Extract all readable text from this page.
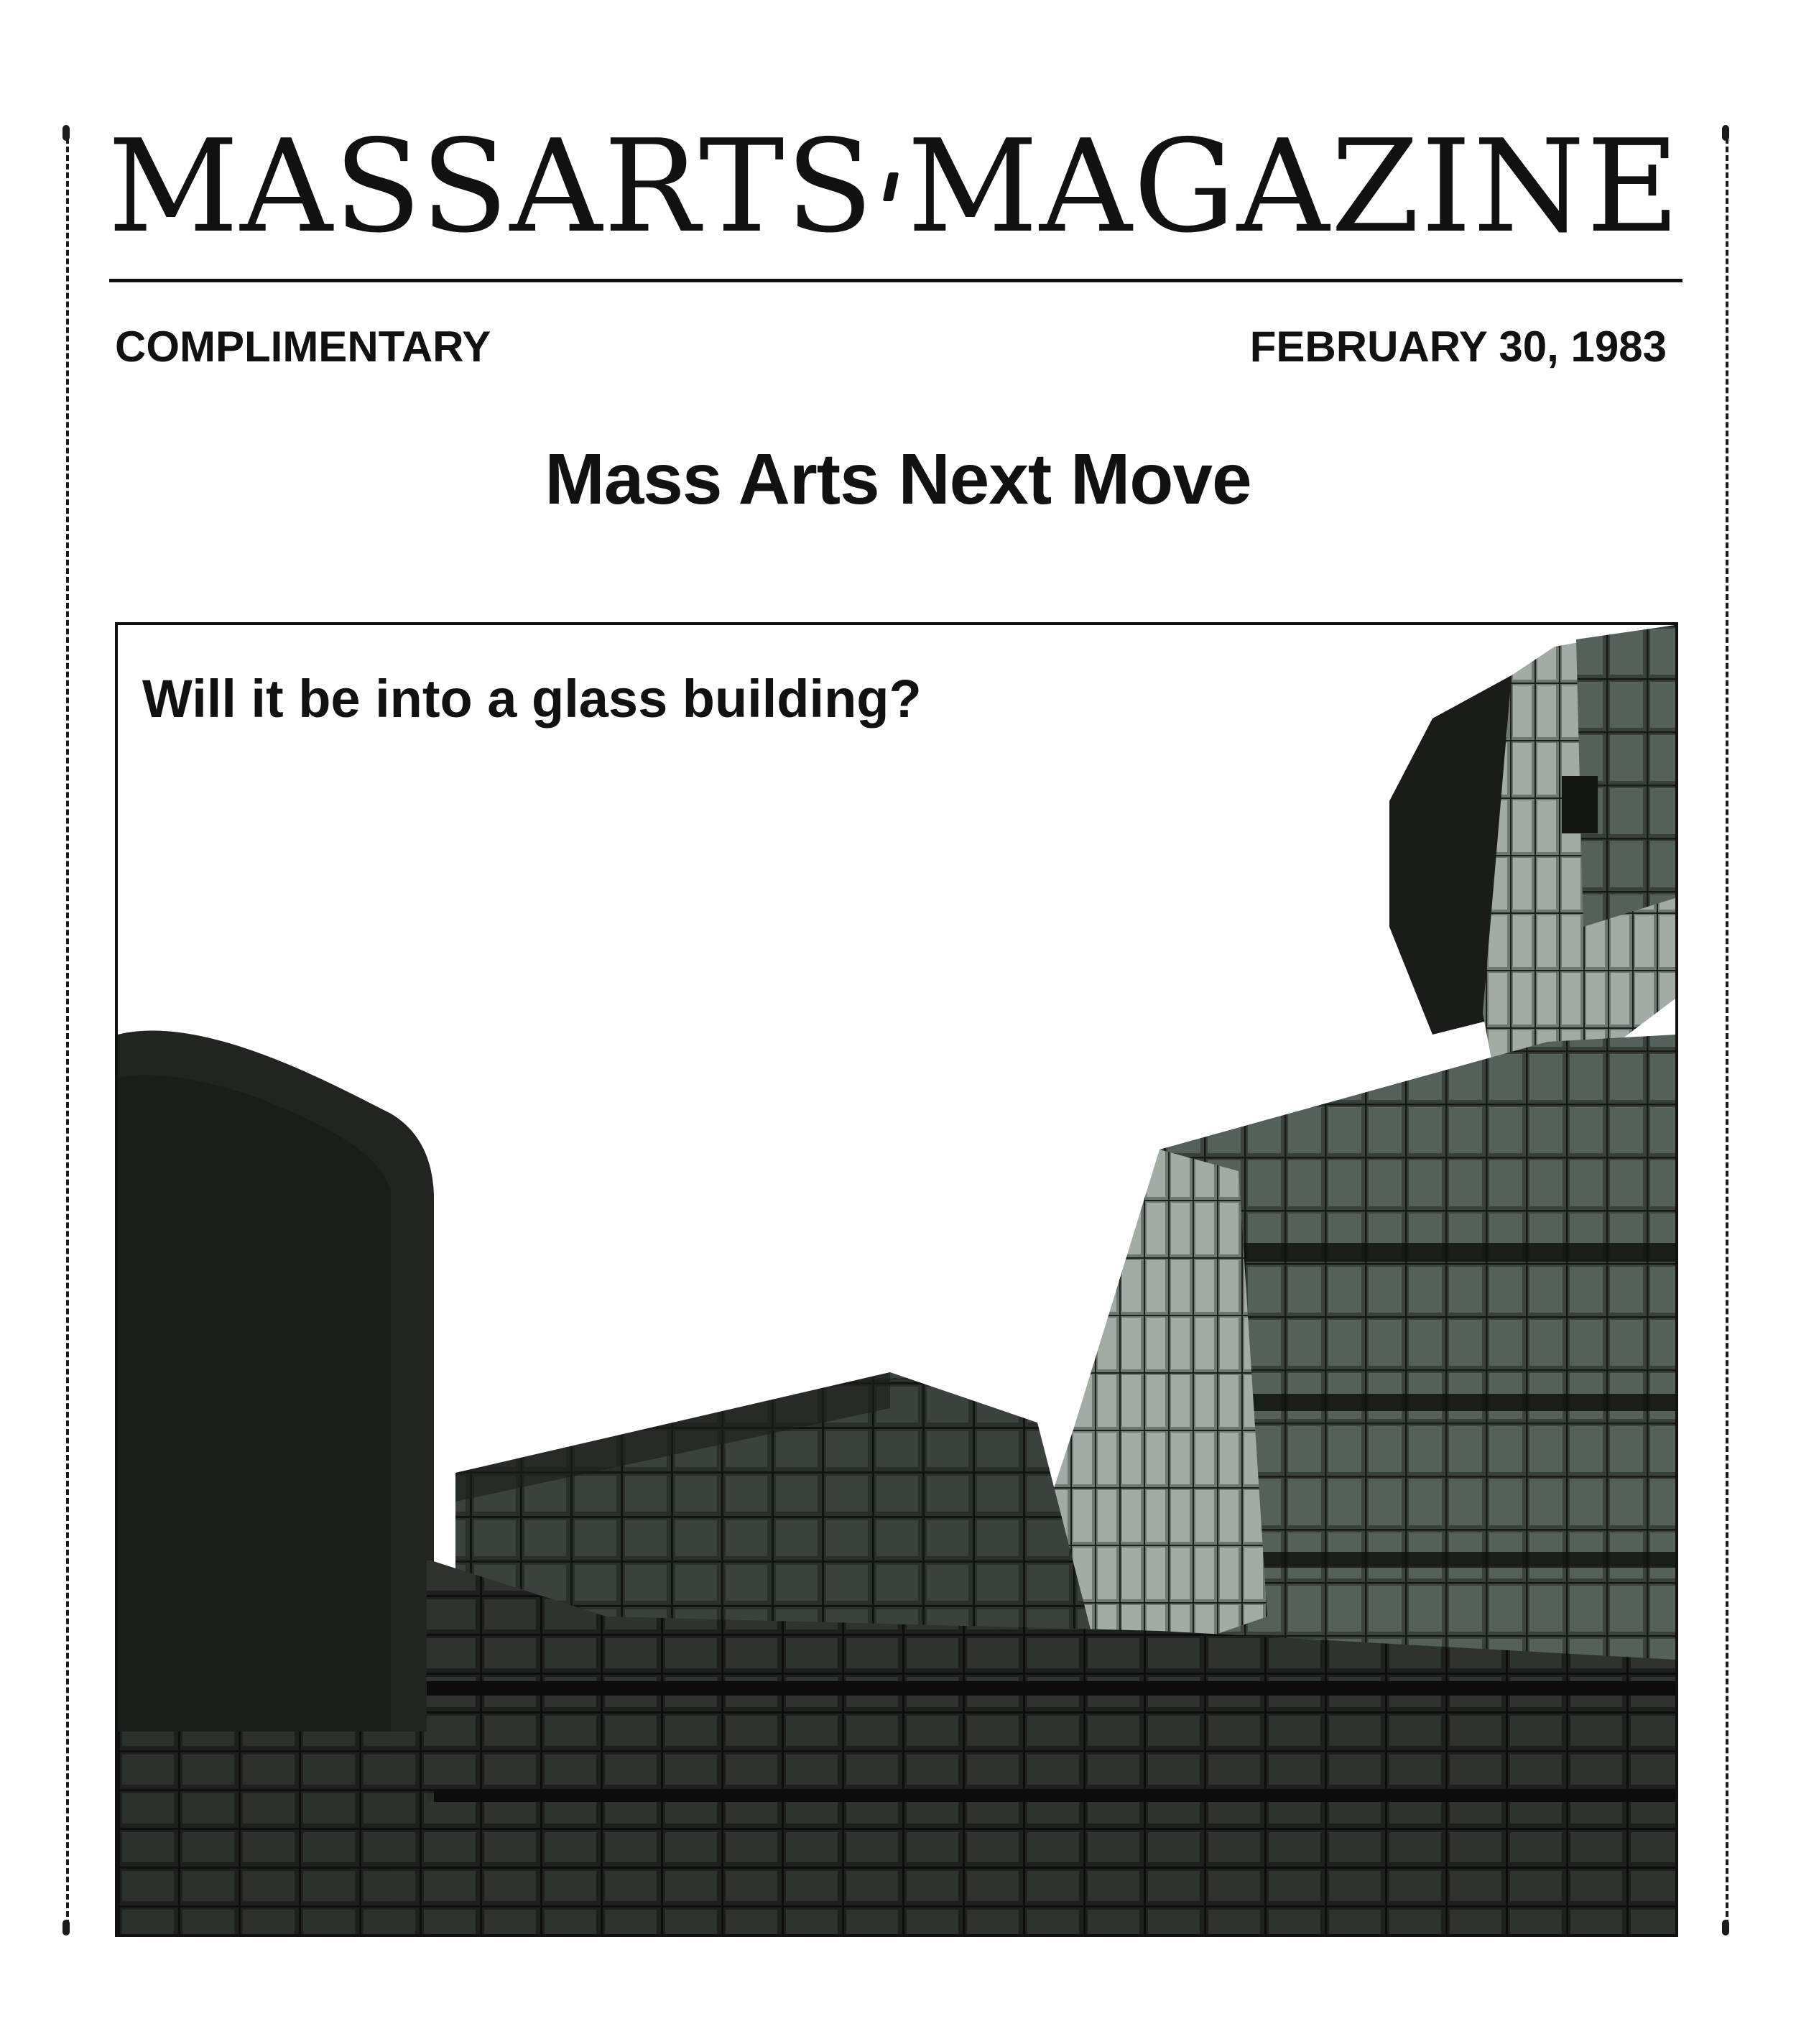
MASSARTS MAGAZINE
COMPLIMENTARY	FEBRUARY 30, 1983
Mass Arts Next Move
Will it be into a glass building?
